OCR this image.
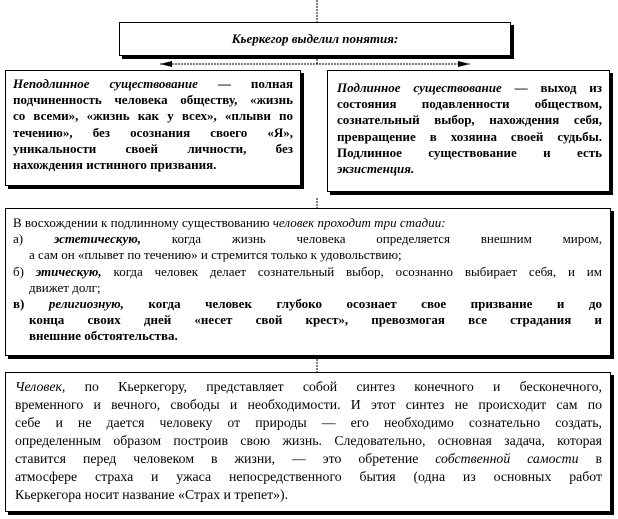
Кьеркегор выделил понятия:
Неподлинное существование — полная
подчиненность человека обществу, «жизнь
со всеми», «жизнь как у всех», «плыви по
течению», без осознания своего «Я»,
уникальности своей личности, без
нахождения истинного призвания.
Подлинное существование — выход из
состояния подавленности обществом,
сознательный выбор, нахождения себя,
превращение в хозяина своей судьбы.
Подлинное существование и есть
экзистенция.
В восхождении к подлинному существованию человек проходит три стадии:
а) эстетическую, когда жизнь человека определяется внешним миром,
а сам он «плывет по течению» и стремится только к удовольствию;
б) этическую, когда человек делает сознательный выбор, осознанно выбирает себя, и им
движет долг;
в) религиозную, когда человек глубоко осознает свое призвание и до
конца своих дней «несет свой крест», превозмогая все страдания и
внешние обстоятельства.
Человек, по Кьеркегору, представляет собой синтез конечного и бесконечного,
временного и вечного, свободы и необходимости. И этот синтез не происходит сам по
себе и не дается человеку от природы — его необходимо сознательно создать,
определенным образом построив свою жизнь. Следовательно, основная задача, которая
ставится перед человеком в жизни, — это обретение собственной самости в
атмосфере страха и ужаса непосредственного бытия (одна из основных работ
Кьеркегора носит название «Страх и трепет»).
